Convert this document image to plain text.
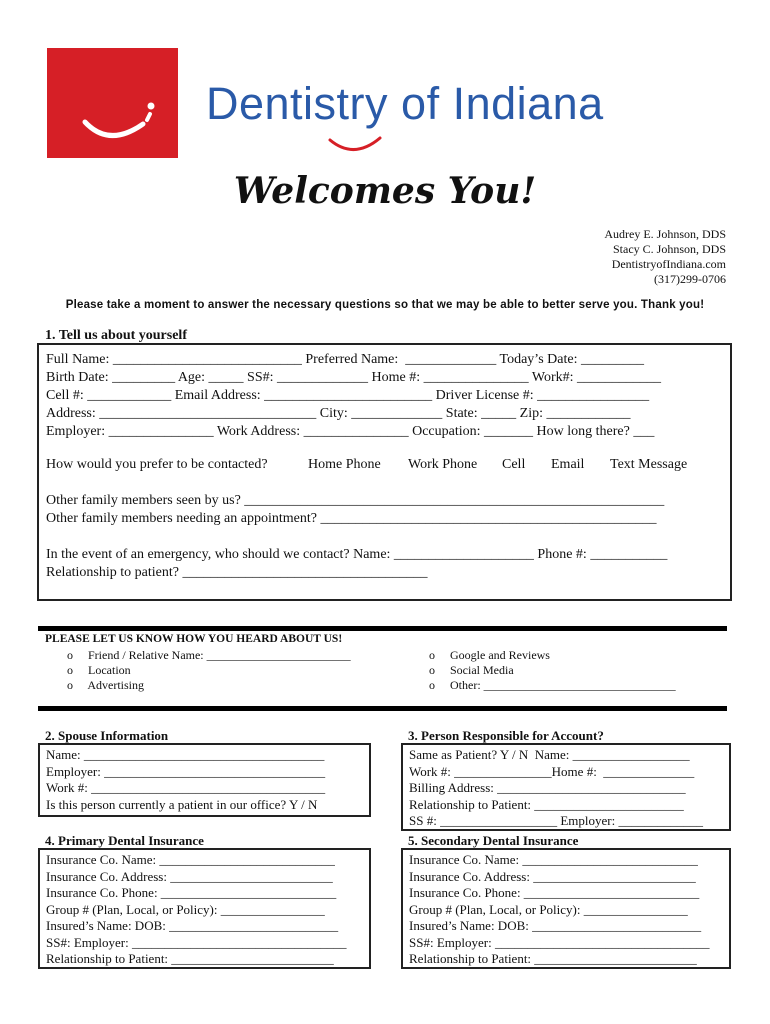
Dentistry of Indiana
Welcomes You!
Audrey E. Johnson, DDS
Stacy C. Johnson, DDS
DentistryofIndiana.com
(317)299-0706
Please take a moment to answer the necessary questions so that we may be able to better serve you. Thank you!
1. Tell us about yourself
Full Name: ___________________________ Preferred Name:  _____________ Today’s Date: _________
Birth Date: _________ Age: _____ SS#: _____________ Home #: _______________ Work#: ____________
Cell #: ____________ Email Address: ________________________ Driver License #: ________________
Address: _______________________________ City: _____________ State: _____ Zip: ____________
Employer: _______________ Work Address: _______________ Occupation: _______ How long there? ___
How would you prefer to be contacted?	Home Phone Work Phone Cell Email Text Message
Other family members seen by us? ____________________________________________________________
Other family members needing an appointment? ________________________________________________
In the event of an emergency, who should we contact? Name: ____________________ Phone #: ___________
Relationship to patient? ___________________________________
PLEASE LET US KNOW HOW YOU HEARD ABOUT US!
o Friend / Relative Name: ________________________
o Location
o Advertising
o Google and Reviews
o Social Media
o Other: ________________________________
2. Spouse Information
Name: _____________________________________
Employer: __________________________________
Work #: ____________________________________
Is this person currently a patient in our office? Y / N
3. Person Responsible for Account?
Same as Patient? Y / N  Name: __________________
Work #: _______________Home #:  ______________
Billing Address: _____________________________
Relationship to Patient: _______________________
SS #: __________________ Employer: _____________
4. Primary Dental Insurance
Insurance Co. Name: ___________________________
Insurance Co. Address: _________________________
Insurance Co. Phone: ___________________________
Group # (Plan, Local, or Policy): ________________
Insured’s Name: DOB: __________________________
SS#: Employer: _________________________________
Relationship to Patient: _________________________
5. Secondary Dental Insurance
Insurance Co. Name: ___________________________
Insurance Co. Address: _________________________
Insurance Co. Phone: ___________________________
Group # (Plan, Local, or Policy): ________________
Insured’s Name: DOB: __________________________
SS#: Employer: _________________________________
Relationship to Patient: _________________________
